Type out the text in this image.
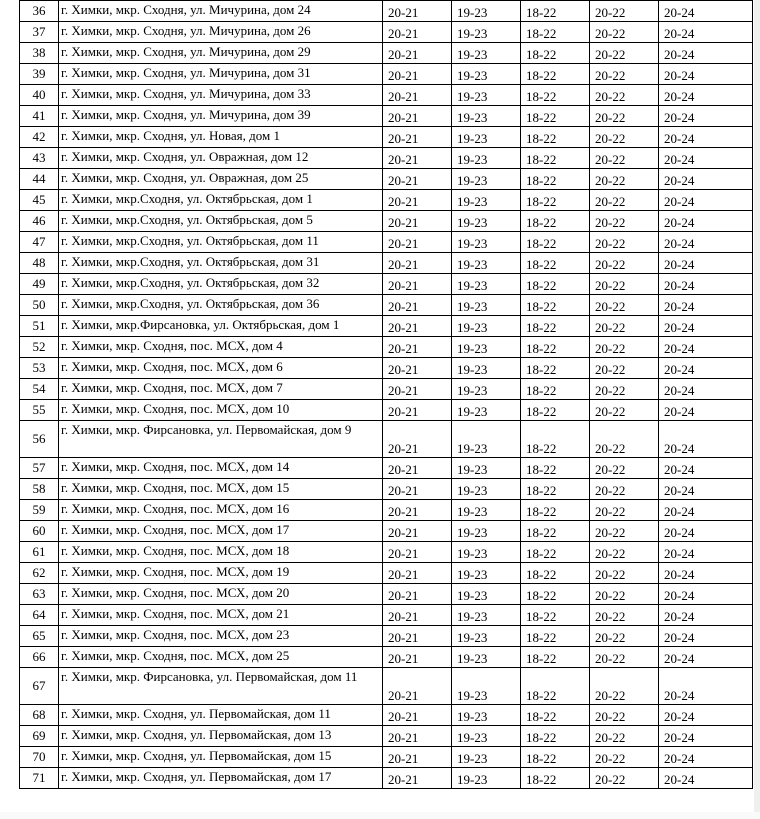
36	г. Химки, мкр. Сходня, ул. Мичурина, дом 24	20-21	19-23	18-22	20-22	20-24
37	г. Химки, мкр. Сходня, ул. Мичурина, дом 26	20-21	19-23	18-22	20-22	20-24
38	г. Химки, мкр. Сходня, ул. Мичурина, дом 29	20-21	19-23	18-22	20-22	20-24
39	г. Химки, мкр. Сходня, ул. Мичурина, дом 31	20-21	19-23	18-22	20-22	20-24
40	г. Химки, мкр. Сходня, ул. Мичурина, дом 33	20-21	19-23	18-22	20-22	20-24
41	г. Химки, мкр. Сходня, ул. Мичурина, дом 39	20-21	19-23	18-22	20-22	20-24
42	г. Химки, мкр. Сходня, ул. Новая, дом 1	20-21	19-23	18-22	20-22	20-24
43	г. Химки, мкр. Сходня, ул. Овражная, дом 12	20-21	19-23	18-22	20-22	20-24
44	г. Химки, мкр. Сходня, ул. Овражная, дом 25	20-21	19-23	18-22	20-22	20-24
45	г. Химки, мкр.Сходня, ул. Октябрьская, дом 1	20-21	19-23	18-22	20-22	20-24
46	г. Химки, мкр.Сходня, ул. Октябрьская, дом 5	20-21	19-23	18-22	20-22	20-24
47	г. Химки, мкр.Сходня, ул. Октябрьская, дом 11	20-21	19-23	18-22	20-22	20-24
48	г. Химки, мкр.Сходня, ул. Октябрьская, дом 31	20-21	19-23	18-22	20-22	20-24
49	г. Химки, мкр.Сходня, ул. Октябрьская, дом 32	20-21	19-23	18-22	20-22	20-24
50	г. Химки, мкр.Сходня, ул. Октябрьская, дом 36	20-21	19-23	18-22	20-22	20-24
51	г. Химки, мкр.Фирсановка, ул. Октябрьская, дом 1	20-21	19-23	18-22	20-22	20-24
52	г. Химки, мкр. Сходня, пос. МСХ, дом 4	20-21	19-23	18-22	20-22	20-24
53	г. Химки, мкр. Сходня, пос. МСХ, дом 6	20-21	19-23	18-22	20-22	20-24
54	г. Химки, мкр. Сходня, пос. МСХ, дом 7	20-21	19-23	18-22	20-22	20-24
55	г. Химки, мкр. Сходня, пос. МСХ, дом 10	20-21	19-23	18-22	20-22	20-24
56	г. Химки, мкр. Фирсановка, ул. Первомайская, дом 9	20-21	19-23	18-22	20-22	20-24
57	г. Химки, мкр. Сходня, пос. МСХ, дом 14	20-21	19-23	18-22	20-22	20-24
58	г. Химки, мкр. Сходня, пос. МСХ, дом 15	20-21	19-23	18-22	20-22	20-24
59	г. Химки, мкр. Сходня, пос. МСХ, дом 16	20-21	19-23	18-22	20-22	20-24
60	г. Химки, мкр. Сходня, пос. МСХ, дом 17	20-21	19-23	18-22	20-22	20-24
61	г. Химки, мкр. Сходня, пос. МСХ, дом 18	20-21	19-23	18-22	20-22	20-24
62	г. Химки, мкр. Сходня, пос. МСХ, дом 19	20-21	19-23	18-22	20-22	20-24
63	г. Химки, мкр. Сходня, пос. МСХ, дом 20	20-21	19-23	18-22	20-22	20-24
64	г. Химки, мкр. Сходня, пос. МСХ, дом 21	20-21	19-23	18-22	20-22	20-24
65	г. Химки, мкр. Сходня, пос. МСХ, дом 23	20-21	19-23	18-22	20-22	20-24
66	г. Химки, мкр. Сходня, пос. МСХ, дом 25	20-21	19-23	18-22	20-22	20-24
67	г. Химки, мкр. Фирсановка, ул. Первомайская, дом 11	20-21	19-23	18-22	20-22	20-24
68	г. Химки, мкр. Сходня, ул. Первомайская, дом 11	20-21	19-23	18-22	20-22	20-24
69	г. Химки, мкр. Сходня, ул. Первомайская, дом 13	20-21	19-23	18-22	20-22	20-24
70	г. Химки, мкр. Сходня, ул. Первомайская, дом 15	20-21	19-23	18-22	20-22	20-24
71	г. Химки, мкр. Сходня, ул. Первомайская, дом 17	20-21	19-23	18-22	20-22	20-24
